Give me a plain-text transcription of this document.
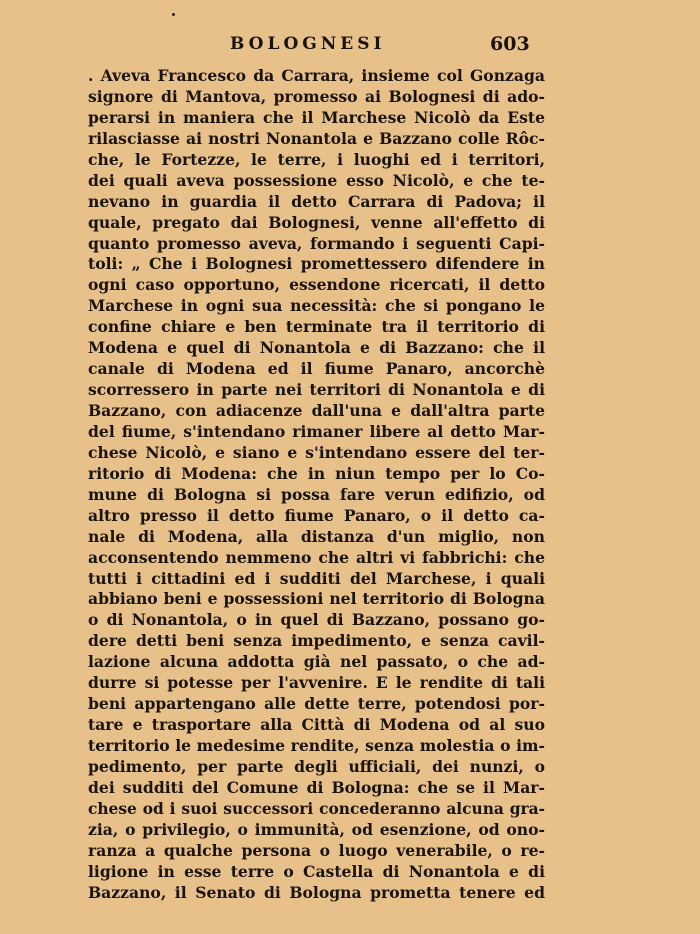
BOLOGNESI	603
. Aveva Francesco da Carrara, insieme col Gonzaga
signore di Mantova, promesso ai Bolognesi di ado-
perarsi in maniera che il Marchese Nicolò da Este
rilasciasse ai nostri Nonantola e Bazzano colle Rôc-
che, le Fortezze, le terre, i luoghi ed i territori,
dei quali aveva possessione esso Nicolò, e che te-
nevano in guardia il detto Carrara di Padova; il
quale, pregato dai Bolognesi, venne all'effetto di
quanto promesso aveva, formando i seguenti Capi-
toli: „ Che i Bolognesi promettessero difendere in
ogni caso opportuno, essendone ricercati, il detto
Marchese in ogni sua necessità: che si pongano le
confine chiare e ben terminate tra il territorio di
Modena e quel di Nonantola e di Bazzano: che il
canale di Modena ed il fiume Panaro, ancorchè
scorressero in parte nei territori di Nonantola e di
Bazzano, con adiacenze dall'una e dall'altra parte
del fiume, s'intendano rimaner libere al detto Mar-
chese Nicolò, e siano e s'intendano essere del ter-
ritorio di Modena: che in niun tempo per lo Co-
mune di Bologna si possa fare verun edifizio, od
altro presso il detto fiume Panaro, o il detto ca-
nale di Modena, alla distanza d'un miglio, non
acconsentendo nemmeno che altri vi fabbrichi: che
tutti i cittadini ed i sudditi del Marchese, i quali
abbiano beni e possessioni nel territorio di Bologna
o di Nonantola, o in quel di Bazzano, possano go-
dere detti beni senza impedimento, e senza cavil-
lazione alcuna addotta già nel passato, o che ad-
durre si potesse per l'avvenire. E le rendite di tali
beni appartengano alle dette terre, potendosi por-
tare e trasportare alla Città di Modena od al suo
territorio le medesime rendite, senza molestia o im-
pedimento, per parte degli ufficiali, dei nunzi, o
dei sudditi del Comune di Bologna: che se il Mar-
chese od i suoi successori concederanno alcuna gra-
zia, o privilegio, o immunità, od esenzione, od ono-
ranza a qualche persona o luogo venerabile, o re-
ligione in esse terre o Castella di Nonantola e di
Bazzano, il Senato di Bologna prometta tenere ed
